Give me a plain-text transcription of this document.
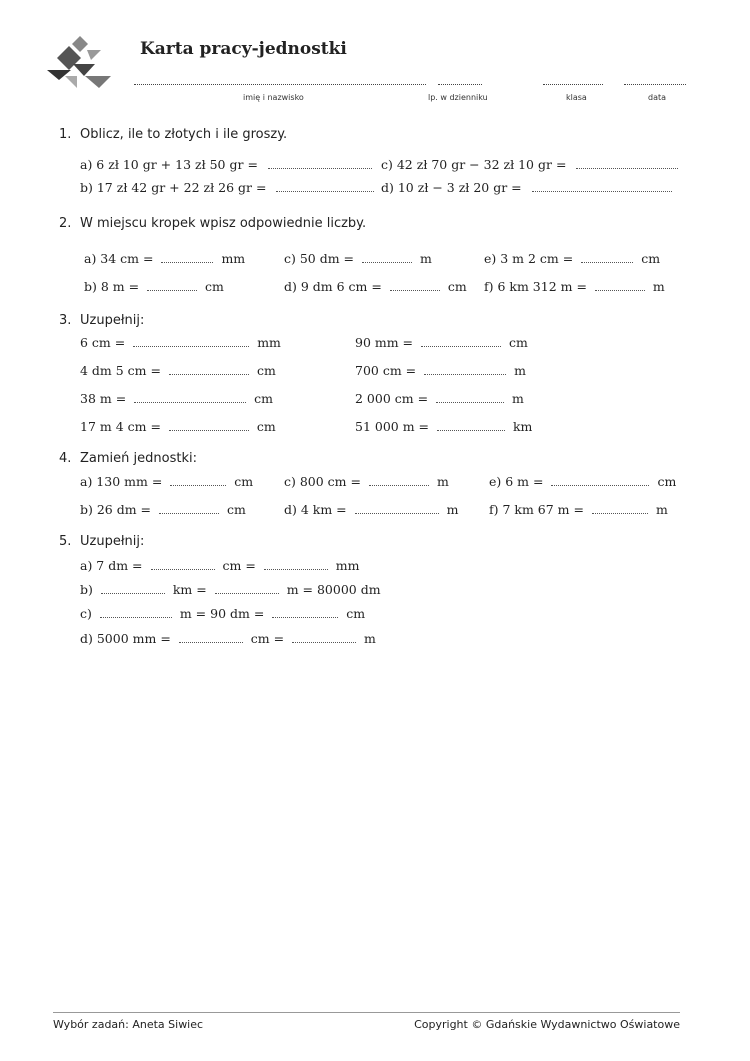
Karta pracy-jednostki
imię i nazwisko	lp. w dzienniku	klasa	data
1. Oblicz, ile to złotych i ile groszy.
a) 6 zł 10 gr + 13 zł 50 gr =	c) 42 zł 70 gr − 32 zł 10 gr =
b) 17 zł 42 gr + 22 zł 26 gr =	d) 10 zł − 3 zł 20 gr =
2. W miejscu kropek wpisz odpowiednie liczby.
a) 34 cm =	mm	c) 50 dm =	m	e) 3 m 2 cm =	cm
b) 8 m =	cm	d) 9 dm 6 cm =	cm f) 6 km 312 m =	m
3. Uzupełnij:
6 cm =	mm	90 mm =	cm
4 dm 5 cm =	cm	700 cm =	m
38 m =	cm	2 000 cm =	m
17 m 4 cm =	cm	51 000 m =	km
4. Zamień jednostki:
a) 130 mm =	cm c) 800 cm =	m	e) 6 m =	cm
b) 26 dm =	cm	d) 4 km =	m f) 7 km 67 m =	m
5. Uzupełnij:
a) 7 dm =	cm =	mm
b)	km =	m = 80000 dm
c)	m = 90 dm =	cm
d) 5000 mm =	cm =	m
Wybór zadań: Aneta Siwiec	Copyright © Gdańskie Wydawnictwo Oświatowe
